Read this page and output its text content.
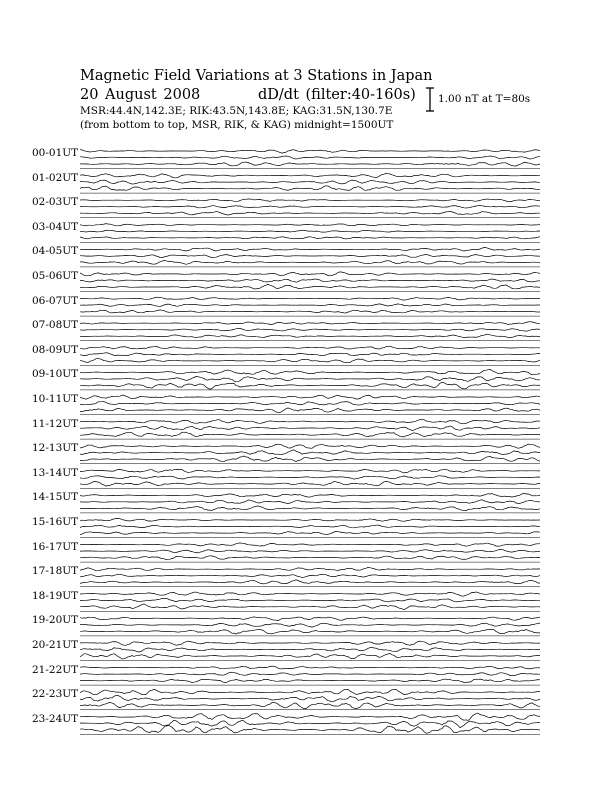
Magnetic Field Variations at 3 Stations in Japan
20 August 2008	dD/dt (filter:40-160s)
MSR:44.4N,142.3E; RIK:43.5N,143.8E; KAG:31.5N,130.7E
(from bottom to top, MSR, RIK, & KAG) midnight=1500UT
1.00 nT at T=80s
00-01UT
01-02UT
02-03UT
03-04UT
04-05UT
05-06UT
06-07UT
07-08UT
08-09UT
09-10UT
10-11UT
11-12UT
12-13UT
13-14UT
14-15UT
15-16UT
16-17UT
17-18UT
18-19UT
19-20UT
20-21UT
21-22UT
22-23UT
23-24UT
